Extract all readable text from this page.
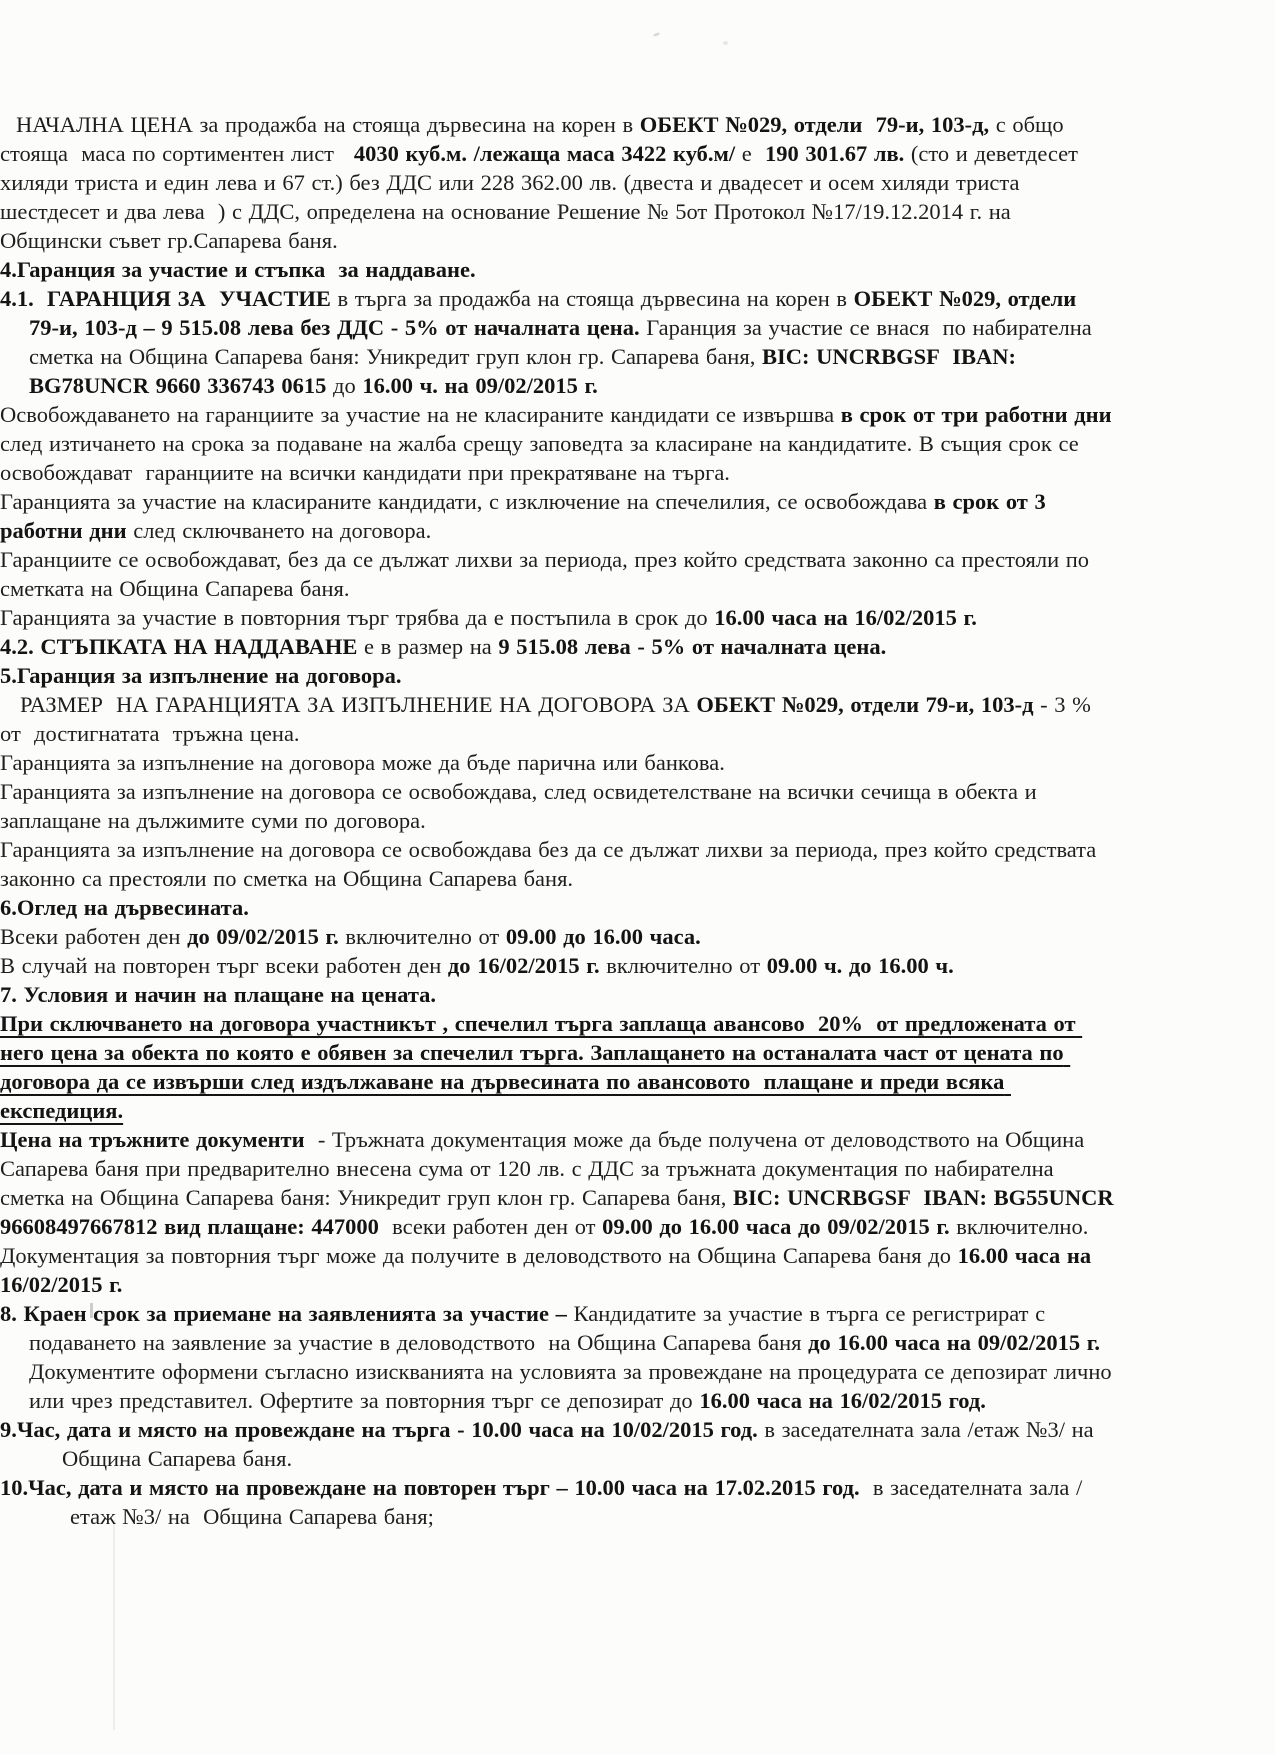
НАЧАЛНА ЦЕНА за продажба на стояща дървесина на корен в ОБЕКТ №029, отдели  79-и, 103-д, с общо стояща  маса по сортиментен лист   4030 куб.м. /лежаща маса 3422 куб.м/ е  190 301.67 лв. (сто и деветдесет хиляди триста и един лева и 67 ст.) без ДДС или 228 362.00 лв. (двеста и двадесет и осем хиляди триста шестдесет и два лева  ) с ДДС, определена на основание Решение № 5от Протокол №17/19.12.2014 г. на Общински съвет гр.Сапарева баня.

4.Гаранция за участие и стъпка  за наддаване.

4.1.  ГАРАНЦИЯ ЗА  УЧАСТИЕ в търга за продажба на стояща дървесина на корен в ОБЕКТ №029, отдели  79-и, 103-д – 9 515.08 лева без ДДС - 5% от началната цена. Гаранция за участие се внася  по набирателна сметка на Община Сапарева баня: Уникредит груп клон гр. Сапарева баня, BIC: UNCRBGSF  IBAN: BG78UNCR 9660 336743 0615 до 16.00 ч. на 09/02/2015 г.

Освобождаването на гаранциите за участие на не класираните кандидати се извършва в срок от три работни дни след изтичането на срока за подаване на жалба срещу заповедта за класиране на кандидатите. В същия срок се освобождават  гаранциите на всички кандидати при прекратяване на търга.

Гаранцията за участие на класираните кандидати, с изключение на спечелилия, се освобождава в срок от 3 работни дни след сключването на договора.

Гаранциите се освобождават, без да се дължат лихви за периода, през който средствата законно са престояли по сметката на Община Сапарева баня.

Гаранцията за участие в повторния търг трябва да е постъпила в срок до 16.00 часа на 16/02/2015 г.

4.2. СТЪПКАТА НА НАДДАВАНЕ е в размер на 9 515.08 лева - 5% от началната цена.

5.Гаранция за изпълнение на договора.

РАЗМЕР  НА ГАРАНЦИЯТА ЗА ИЗПЪЛНЕНИЕ НА ДОГОВОРА ЗА ОБЕКТ №029, отдели 79-и, 103-д - 3 % от  достигнатата  тръжна цена.

Гаранцията за изпълнение на договора може да бъде парична или банкова.

Гаранцията за изпълнение на договора се освобождава, след освидетелстване на всички сечища в обекта и заплащане на дължимите суми по договора.

Гаранцията за изпълнение на договора се освобождава без да се дължат лихви за периода, през който средствата законно са престояли по сметка на Община Сапарева баня.

6.Оглед на дървесината.

Всеки работен ден до 09/02/2015 г. включително от 09.00 до 16.00 часа.

В случай на повторен търг всеки работен ден до 16/02/2015 г. включително от 09.00 ч. до 16.00 ч.

7. Условия и начин на плащане на цената.

При сключването на договора участникът , спечелил търга заплаща авансово  20%  от предложената от него цена за обекта по която е обявен за спечелил търга. Заплащането на останалата част от цената по договора да се извърши след издължаване на дървесината по авансовото  плащане и преди всяка експедиция.

Цена на тръжните документи  - Тръжната документация може да бъде получена от деловодството на Община Сапарева баня при предварително внесена сума от 120 лв. с ДДС за тръжната документация по набирателна сметка на Община Сапарева баня: Уникредит груп клон гр. Сапарева баня, BIC: UNCRBGSF  IBAN: BG55UNCR 96608497667812 вид плащане: 447000  всеки работен ден от 09.00 до 16.00 часа до 09/02/2015 г. включително.

Документация за повторния търг може да получите в деловодството на Община Сапарева баня до 16.00 часа на 16/02/2015 г.

8. Краен срок за приемане на заявленията за участие – Кандидатите за участие в търга се регистрират с подаването на заявление за участие в деловодството  на Община Сапарева баня до 16.00 часа на 09/02/2015 г. Документите оформени съгласно изискванията на условията за провеждане на процедурата се депозират лично или чрез представител. Офертите за повторния търг се депозират до 16.00 часа на 16/02/2015 год.

9.Час, дата и място на провеждане на търга - 10.00 часа на 10/02/2015 год. в заседателната зала /етаж №3/ на  Община Сапарева баня.

10.Час, дата и място на провеждане на повторен търг – 10.00 часа на 17.02.2015 год.  в заседателната зала /етаж №3/ на  Община Сапарева баня;
